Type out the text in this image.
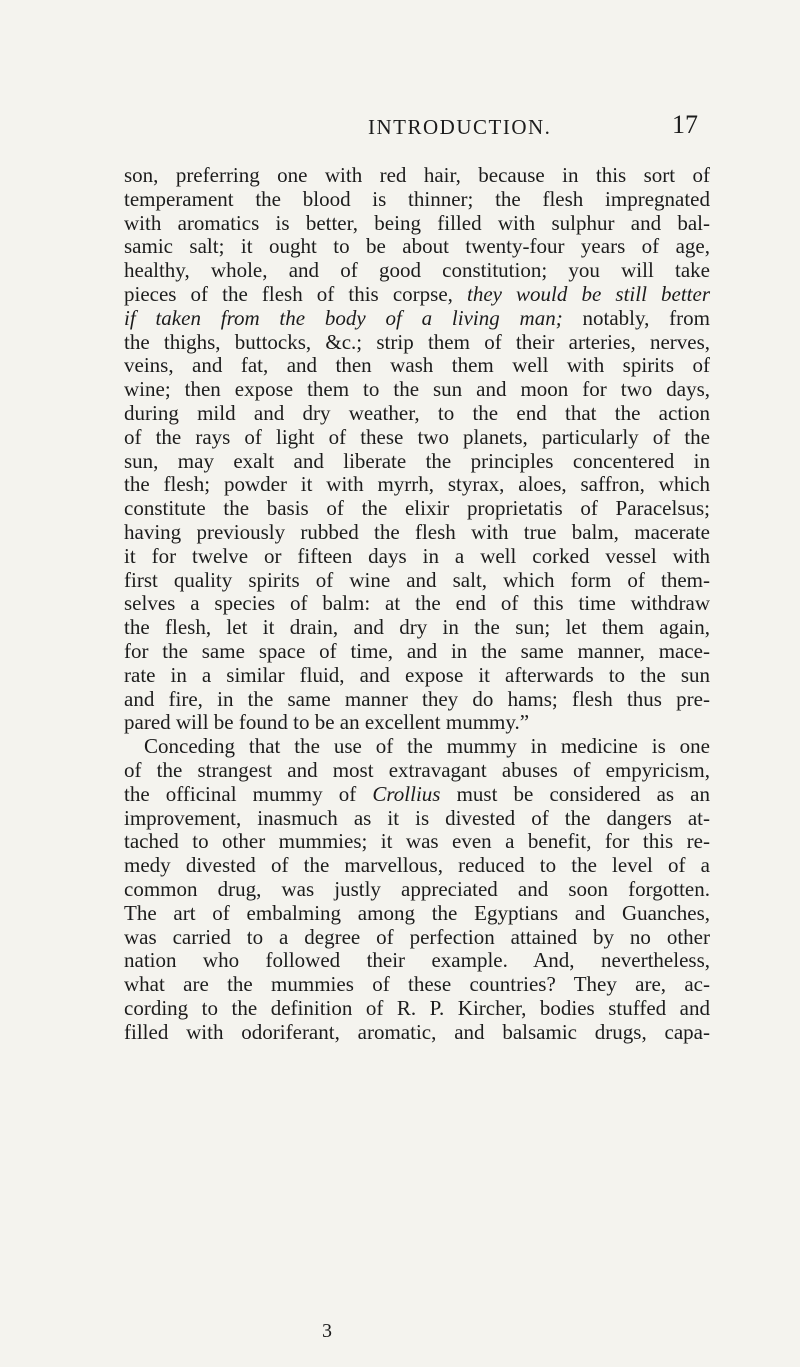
INTRODUCTION.	17
son, preferring one with red hair, because in this sort of
temperament the blood is thinner; the flesh impregnated
with aromatics is better, being filled with sulphur and bal-
samic salt; it ought to be about twenty-four years of age,
healthy, whole, and of good constitution; you will take
pieces of the flesh of this corpse, they would be still better
if taken from the body of a living man; notably, from
the thighs, buttocks, &c.; strip them of their arteries, nerves,
veins, and fat, and then wash them well with spirits of
wine; then expose them to the sun and moon for two days,
during mild and dry weather, to the end that the action
of the rays of light of these two planets, particularly of the
sun, may exalt and liberate the principles concentered in
the flesh; powder it with myrrh, styrax, aloes, saffron, which
constitute the basis of the elixir proprietatis of Paracelsus;
having previously rubbed the flesh with true balm, macerate
it for twelve or fifteen days in a well corked vessel with
first quality spirits of wine and salt, which form of them-
selves a species of balm: at the end of this time withdraw
the flesh, let it drain, and dry in the sun; let them again,
for the same space of time, and in the same manner, mace-
rate in a similar fluid, and expose it afterwards to the sun
and fire, in the same manner they do hams; flesh thus pre-
pared will be found to be an excellent mummy.”
Conceding that the use of the mummy in medicine is one
of the strangest and most extravagant abuses of empyricism,
the officinal mummy of Crollius must be considered as an
improvement, inasmuch as it is divested of the dangers at-
tached to other mummies; it was even a benefit, for this re-
medy divested of the marvellous, reduced to the level of a
common drug, was justly appreciated and soon forgotten.
The art of embalming among the Egyptians and Guanches,
was carried to a degree of perfection attained by no other
nation who followed their example. And, nevertheless,
what are the mummies of these countries? They are, ac-
cording to the definition of R. P. Kircher, bodies stuffed and
filled with odoriferant, aromatic, and balsamic drugs, capa-
3
